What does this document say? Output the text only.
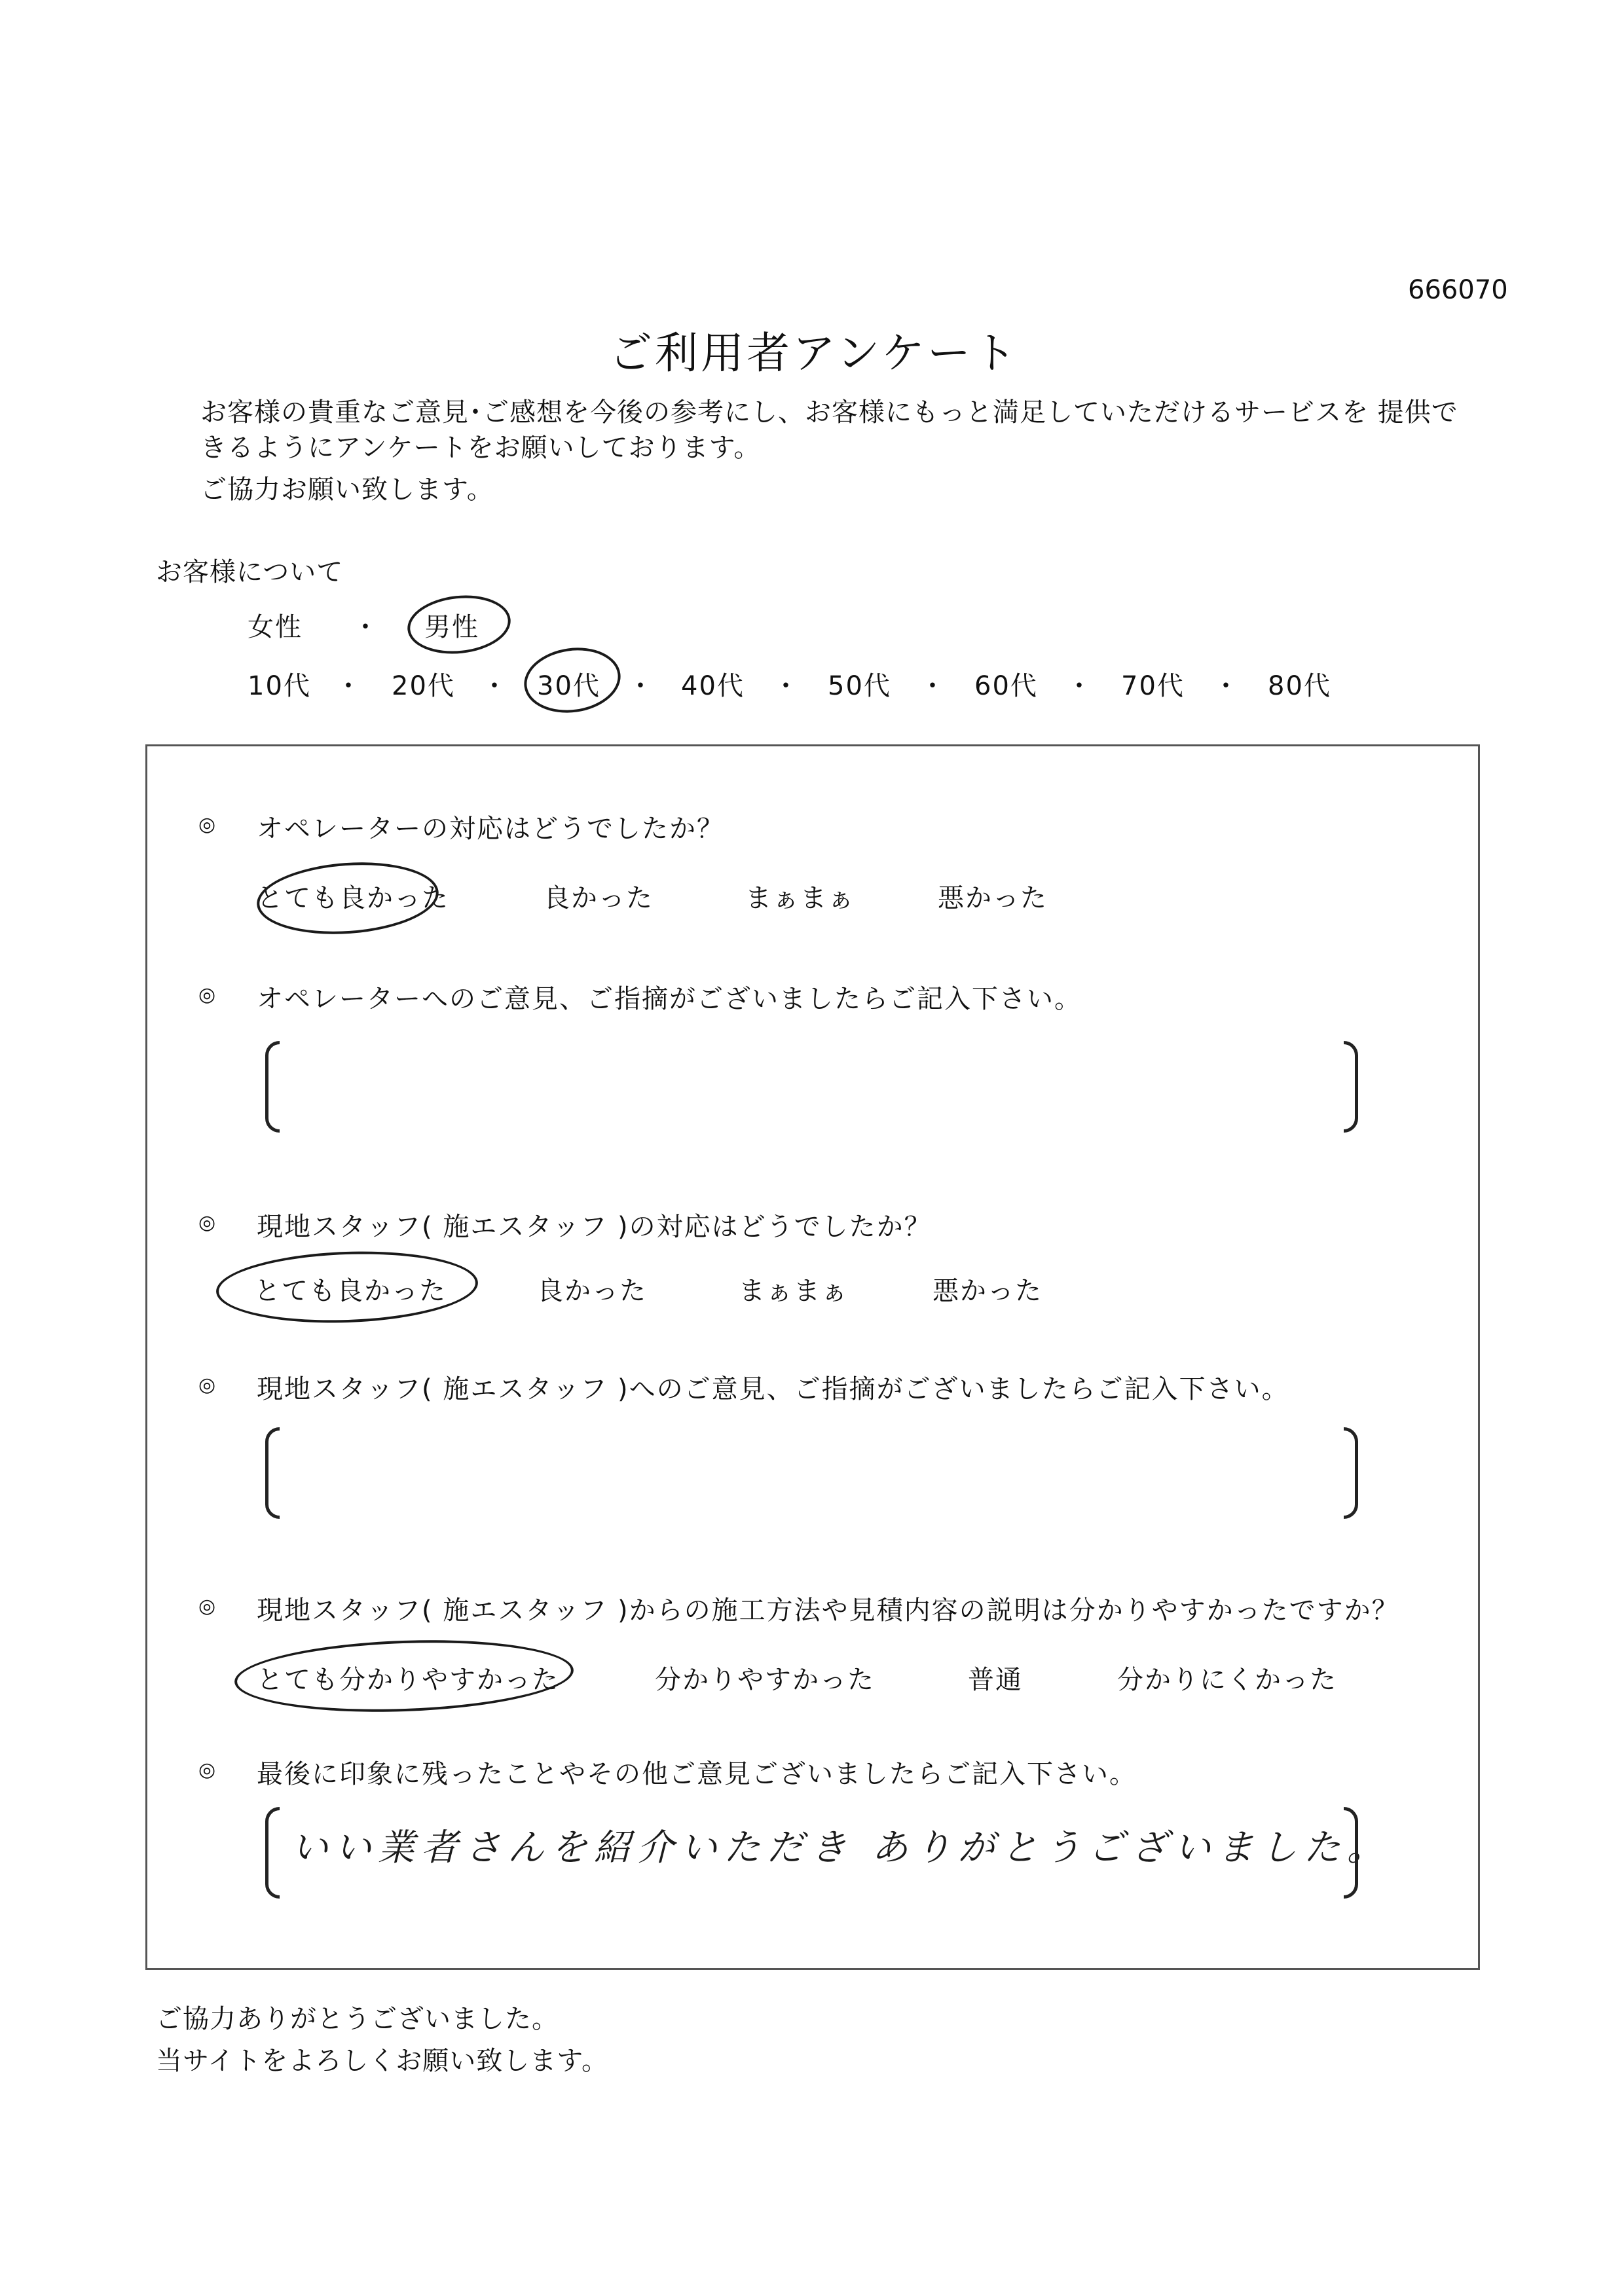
666070
ご利用者アンケート
お客様の貴重なご意見･ご感想を今後の参考にし、お客様にもっと満足していただけるサービスを 提供で
きるようにアンケートをお願いしております。
ご協力お願い致します。
お客様について
女性 ・ 男性
10代 ・ 20代 ・ 30代 ・ 40代 ・ 50代 ・ 60代 ・ 70代 ・ 80代
◎ オペレーターの対応はどうでしたか？
とても良かった	良かった	まぁまぁ	悪かった
◎ オペレーターへのご意見、ご指摘がございましたらご記入下さい。
◎ 現地スタッフ( 施エスタッフ )の対応はどうでしたか？
とても良かった	良かった	まぁまぁ	悪かった
◎ 現地スタッフ( 施エスタッフ )へのご意見、ご指摘がございましたらご記入下さい。
◎ 現地スタッフ( 施エスタッフ )からの施工方法や見積内容の説明は分かりやすかったですか？
とても分かりやすかった	分かりやすかった	普通	分かりにくかった
◎ 最後に印象に残ったことやその他ご意見ございましたらご記入下さい。
いい業者さんを紹介いただき ありがとうございました。
ご協力ありがとうございました。
当サイトをよろしくお願い致します。
